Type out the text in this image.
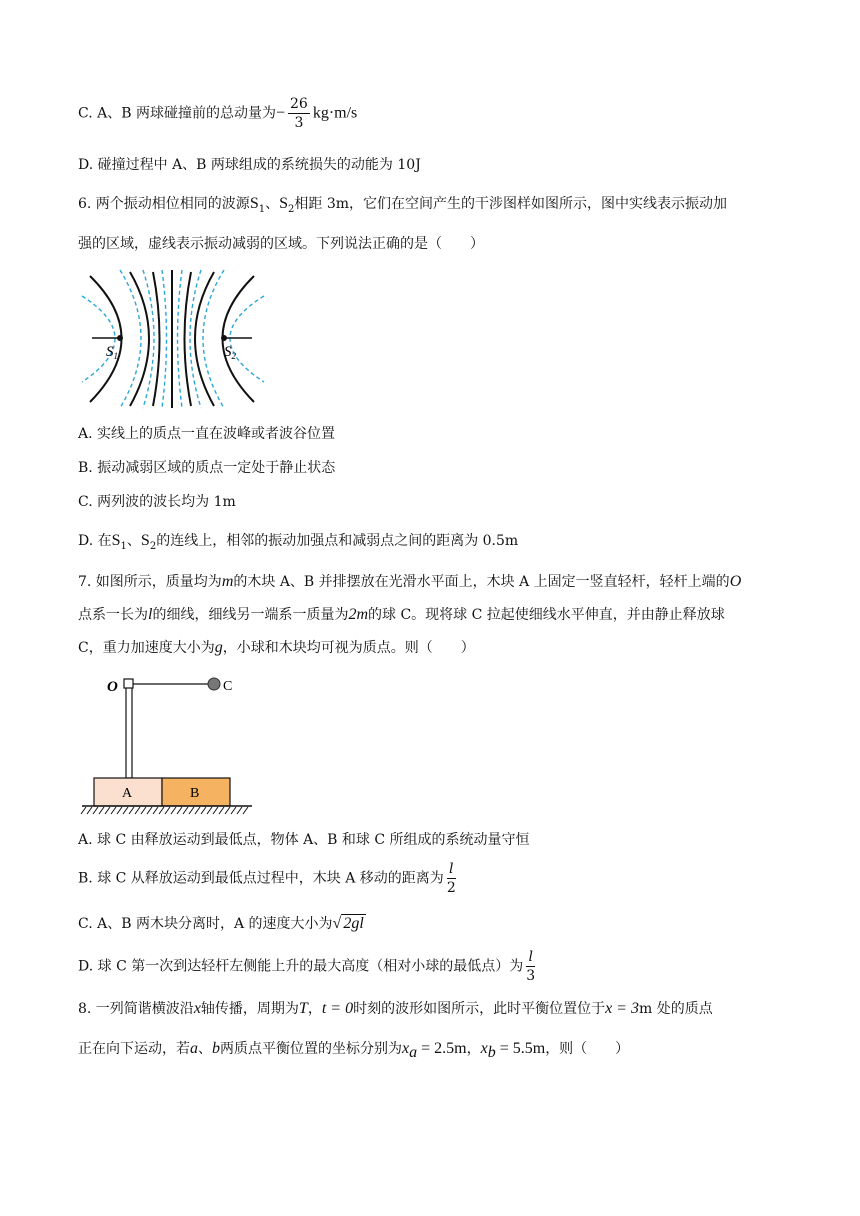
C. A、B 两球碰撞前的总动量为− $\frac{26}{3} kg\cdot m/s$
D. 碰撞过程中 A、B 两球组成的系统损失的动能为 10J
6. 两个振动相位相同的波源$S_1$、$S_2$相距 3m，它们在空间产生的干涉图样如图所示，图中实线表示振动加
强的区域，虚线表示振动减弱的区域。下列说法正确的是（　　）
$S_1$	$S_2$
A. 实线上的质点一直在波峰或者波谷位置
B. 振动减弱区域的质点一定处于静止状态
C. 两列波的波长均为 1m
D. 在$S_1$、$S_2$的连线上，相邻的振动加强点和减弱点之间的距离为 0.5m
7. 如图所示，质量均为m的木块 A、B 并排摆放在光滑水平面上，木块 A 上固定一竖直轻杆，轻杆上端的O
点系一长为l的细线，细线另一端系一质量为2m的球 C。现将球 C 拉起使细线水平伸直，并由静止释放球
C，重力加速度大小为g，小球和木块均可视为质点。则（　　）
O	C
A	B
A. 球 C 由释放运动到最低点，物体 A、B 和球 C 所组成的系统动量守恒
B. 球 C 从释放运动到最低点过程中，木块 A 移动的距离为 $\frac{l}{2}$
C. A、B 两木块分离时，A 的速度大小为√ 2gl
D. 球 C 第一次到达轻杆左侧能上升的最大高度（相对小球的最低点）为 $\frac{l}{3}$
8. 一列简谐横波沿x轴传播，周期为T，t = 0时刻的波形如图所示，此时平衡位置位于x = 3m 处的质点
正在向下运动，若a、b两质点平衡位置的坐标分别为$x_a = 2.5m$，$x_b = 5.5m$，则（　　）
